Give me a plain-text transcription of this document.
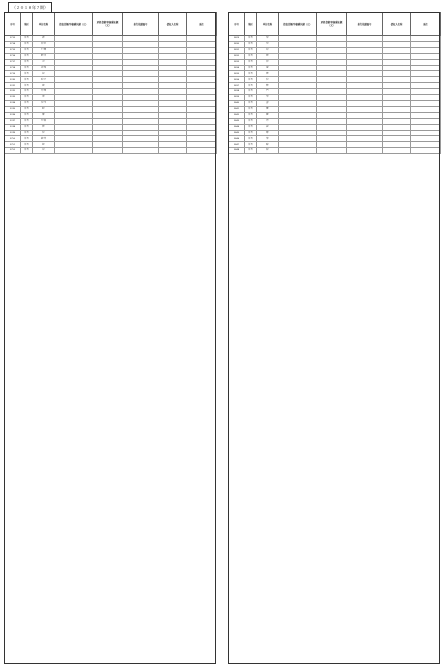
（２０１８年７期）
序号	地区	单位名称	债权金额/审核确认额（元）	承担金额/审核确认额（元）	执行依据编号	债权人名称	备注
2733	忻州	郝*					
2734	忻州	吕*红					
2735	忻州	王*辉					
2736	忻州	张*平					
2737	忻州	李*					
2738	忻州	刘*军					
2739	忻州	赵*					
2740	忻州	孙*芳					
2741	忻州	周*					
2742	忻州	吴*明					
2743	忻州	郑*					
2744	忻州	冯*华					
2745	忻州	陈*					
2746	忻州	褚*					
2747	忻州	卫*强					
2748	忻州	蒋*					
2749	忻州	沈*					
2750	忻州	韩*英					
2751	忻州	杨*					
2752	忻州	朱*					
序号	地区	单位名称	债权金额/审核确认额（元）	承担金额/审核确认额（元）	执行依据编号	债权人名称	备注
2829	忻州	秦*					
2830	忻州	尤*					
2831	忻州	许*					
2832	忻州	何*					
2833	忻州	吕*					
2834	忻州	施*					
2835	忻州	张*					
2836	忻州	孔*					
2837	忻州	曹*					
2838	忻州	严*					
2839	忻州	华*					
2840	忻州	金*					
2841	忻州	魏*					
2842	忻州	陶*					
2843	忻州	姜*					
2844	忻州	戚*					
2845	忻州	谢*					
2846	忻州	邹*					
2847	忻州	喻*					
2848	忻州	柏*					
